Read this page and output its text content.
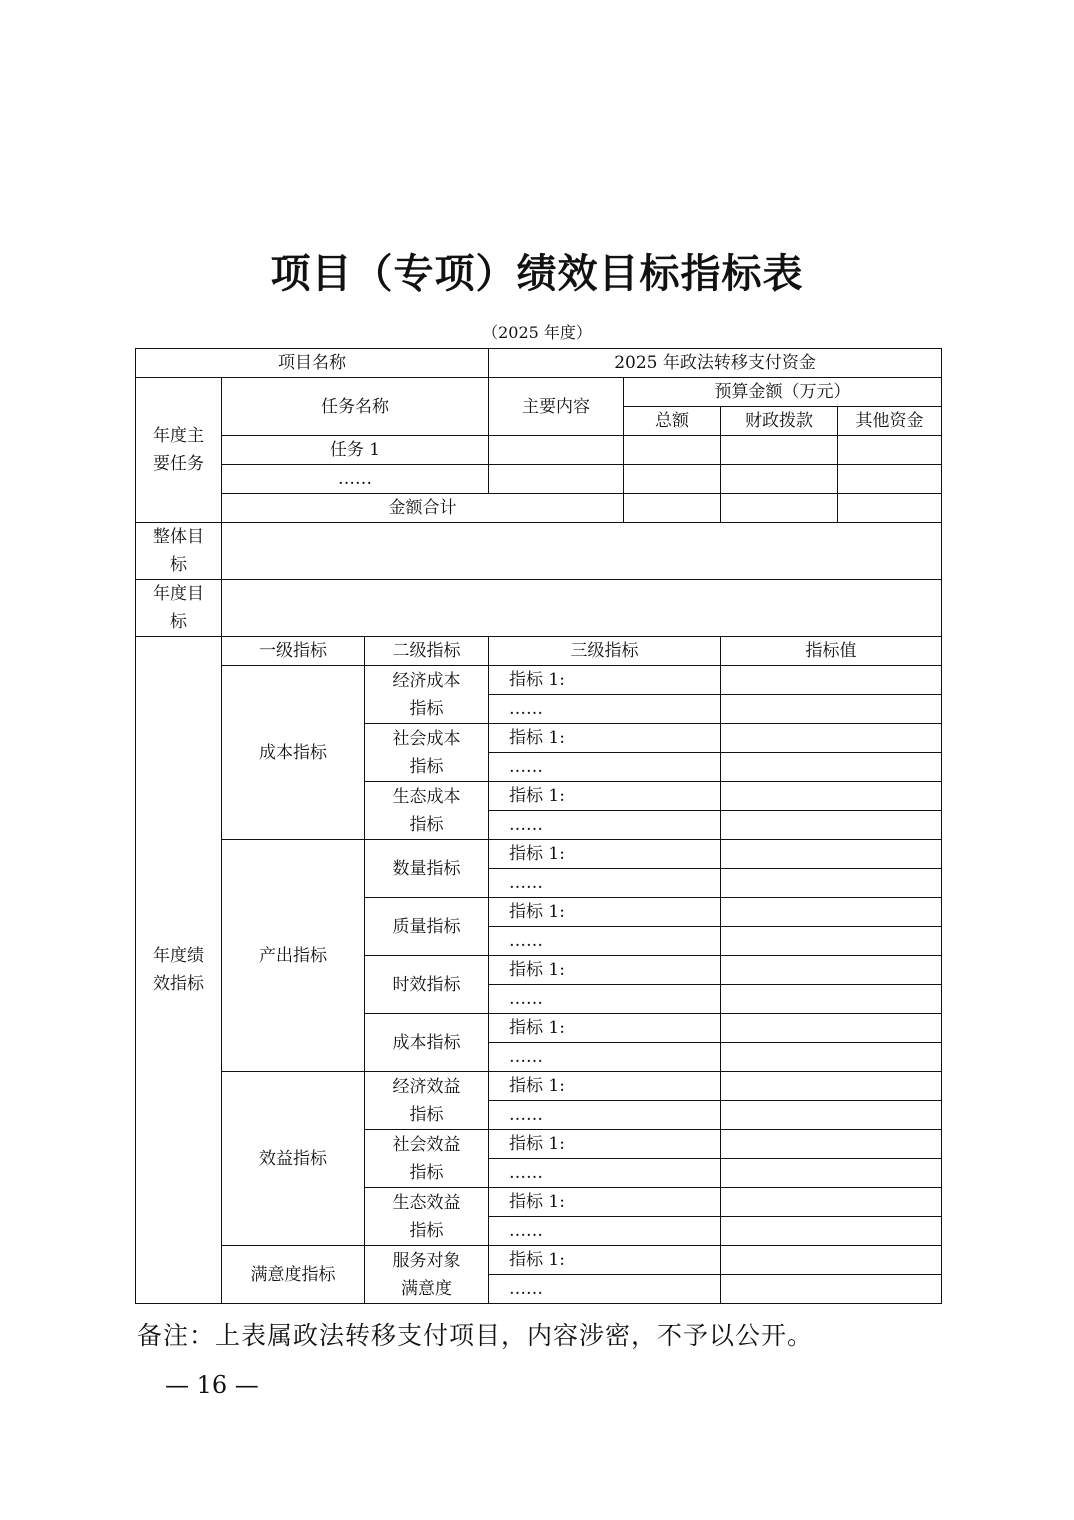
项目（专项）绩效目标指标表
（2025 年度）
项目名称			2025 年政法转移支付资金			
年度主要任务	任务名称		主要内容	预算金额（万元）		
				总额	财政拨款	其他资金
	任务 1					
	……					
	金额合计					
整体目标						
年度目标						
年度绩效指标	一级指标	二级指标	三级指标		指标值	
	成本指标	经济成本指标	指标 1:			
			……			
		社会成本指标	指标 1:			
			……			
		生态成本指标	指标 1:			
			……			
	产出指标	数量指标	指标 1:			
			……			
		质量指标	指标 1:			
			……			
		时效指标	指标 1:			
			……			
		成本指标	指标 1:			
			……			
	效益指标	经济效益指标	指标 1:			
			……			
		社会效益指标	指标 1:			
			……			
		生态效益指标	指标 1:			
			……			
	满意度指标	服务对象满意度	指标 1:			
			……			
备注：上表属政法转移支付项目，内容涉密，不予以公开。
— 16 —
